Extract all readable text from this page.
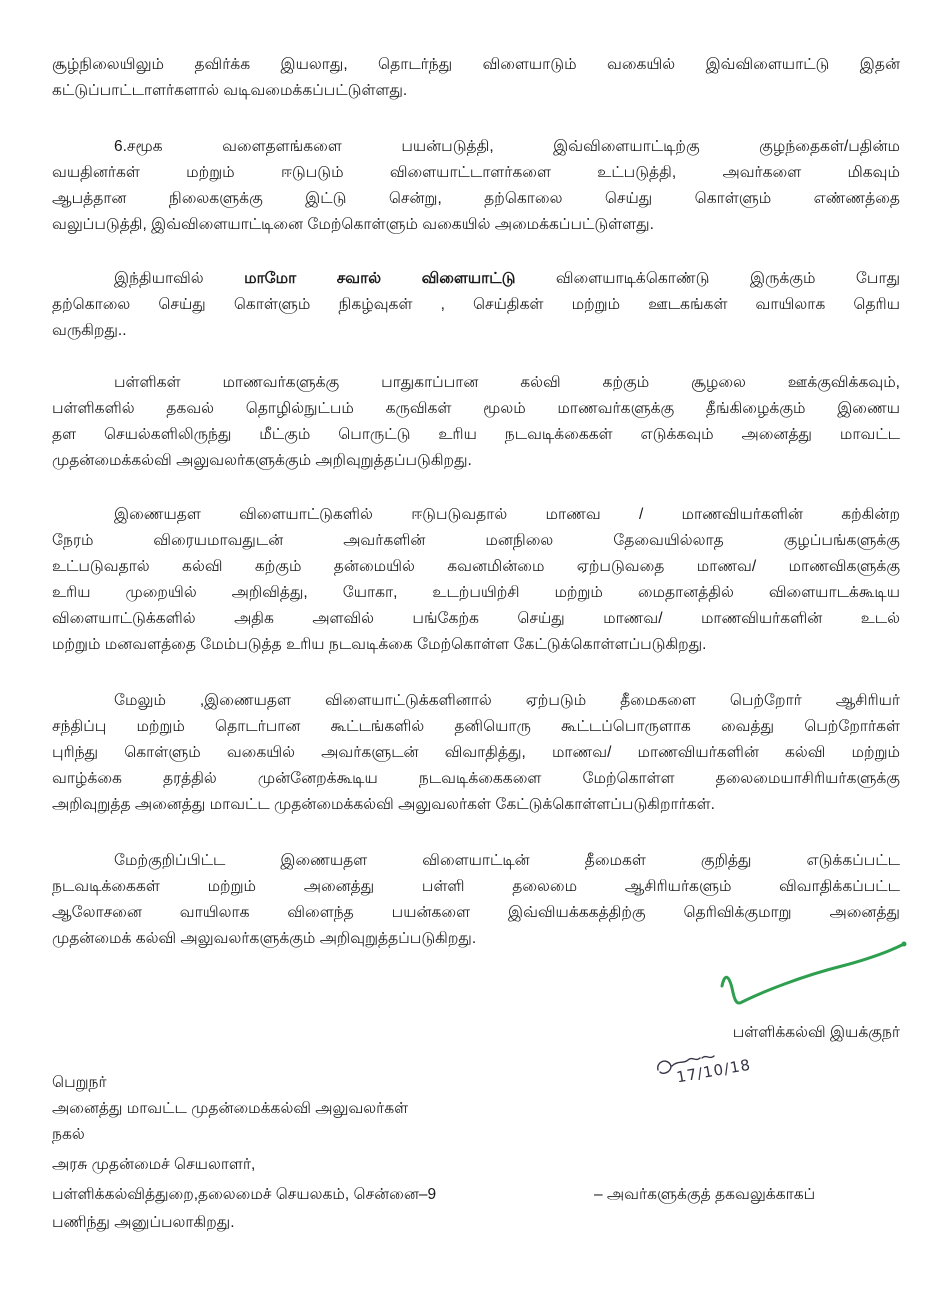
சூழ்நிலையிலும் தவிர்க்க இயலாது, தொடர்ந்து விளையாடும் வகையில் இவ்விளையாட்டு இதன்
கட்டுப்பாட்டாளர்களால் வடிவமைக்கப்பட்டுள்ளது.
6.சமூக வளைதளங்களை பயன்படுத்தி, இவ்விளையாட்டிற்கு குழந்தைகள்/பதின்ம
வயதினர்கள் மற்றும் ஈடுபடும் விளையாட்டாளர்களை உட்படுத்தி, அவர்களை மிகவும்
ஆபத்தான நிலைகளுக்கு இட்டு சென்று, தற்கொலை செய்து கொள்ளும் எண்ணத்தை
வலுப்படுத்தி, இவ்விளையாட்டினை மேற்கொள்ளும் வகையில் அமைக்கப்பட்டுள்ளது.
இந்தியாவில்	மாமோ சவால் விளையாட்டு	விளையாடிக்கொண்டு இருக்கும் போது
தற்கொலை செய்து கொள்ளும் நிகழ்வுகள் , செய்திகள் மற்றும் ஊடகங்கள் வாயிலாக தெரிய
வருகிறது..
பள்ளிகள் மாணவர்களுக்கு பாதுகாப்பான கல்வி கற்கும் சூழலை ஊக்குவிக்கவும்,
பள்ளிகளில் தகவல் தொழில்நுட்பம் கருவிகள் மூலம் மாணவர்களுக்கு தீங்கிழைக்கும் இணைய
தள செயல்களிலிருந்து மீட்கும் பொருட்டு உரிய நடவடிக்கைகள் எடுக்கவும் அனைத்து மாவட்ட
முதன்மைக்கல்வி அலுவலர்களுக்கும் அறிவுறுத்தப்படுகிறது.
இணையதள விளையாட்டுகளில் ஈடுபடுவதால் மாணவ / மாணவியர்களின் கற்கின்ற
நேரம் விரையமாவதுடன் அவர்களின் மனநிலை தேவையில்லாத குழப்பங்களுக்கு
உட்படுவதால் கல்வி கற்கும் தன்மையில் கவனமின்மை ஏற்படுவதை மாணவ/ மாணவிகளுக்கு
உரிய முறையில் அறிவித்து, யோகா, உடற்பயிற்சி மற்றும் மைதானத்தில் விளையாடக்கூடிய
விளையாட்டுக்களில் அதிக அளவில் பங்கேற்க செய்து மாணவ/ மாணவியர்களின் உடல்
மற்றும் மனவளத்தை மேம்படுத்த உரிய நடவடிக்கை மேற்கொள்ள கேட்டுக்கொள்ளப்படுகிறது.
மேலும் ,இணையதள விளையாட்டுக்களினால் ஏற்படும் தீமைகளை பெற்றோர் ஆசிரியர்
சந்திப்பு மற்றும் தொடர்பான கூட்டங்களில் தனியொரு கூட்டப்பொருளாக வைத்து பெற்றோர்கள்
புரிந்து கொள்ளும் வகையில் அவர்களுடன் விவாதித்து, மாணவ/ மாணவியர்களின் கல்வி மற்றும்
வாழ்க்கை தரத்தில் முன்னேறக்கூடிய நடவடிக்கைகளை மேற்கொள்ள தலைமையாசிரியர்களுக்கு
அறிவுறுத்த அனைத்து மாவட்ட முதன்மைக்கல்வி அலுவலர்கள் கேட்டுக்கொள்ளப்படுகிறார்கள்.
மேற்குறிப்பிட்ட இணையதள விளையாட்டின் தீமைகள் குறித்து எடுக்கப்பட்ட
நடவடிக்கைகள் மற்றும் அனைத்து பள்ளி தலைமை ஆசிரியர்களும் விவாதிக்கப்பட்ட
ஆலோசனை வாயிலாக விளைந்த பயன்களை இவ்வியக்ககத்திற்கு தெரிவிக்குமாறு அனைத்து
முதன்மைக் கல்வி அலுவலர்களுக்கும் அறிவுறுத்தப்படுகிறது.
பள்ளிக்கல்வி இயக்குநர்
17/10/18
பெறுநர்
அனைத்து மாவட்ட முதன்மைக்கல்வி அலுவலர்கள்
நகல்
அரசு முதன்மைச் செயலாளர்,
பள்ளிக்கல்வித்துறை,தலைமைச் செயலகம், சென்னை–9	– அவர்களுக்குத் தகவலுக்காகப்
பணிந்து அனுப்பலாகிறது.
